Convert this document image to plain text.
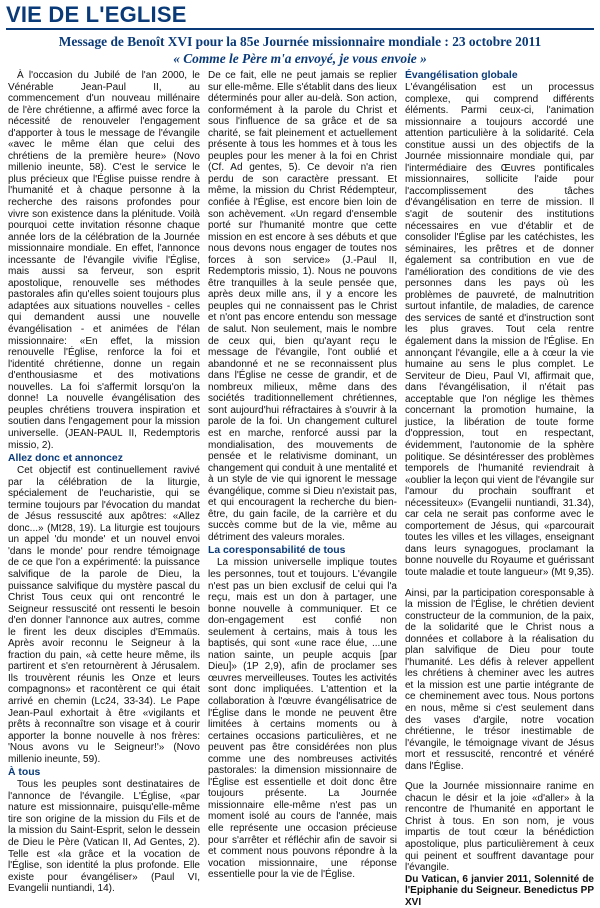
VIE DE L'EGLISE
Message de Benoît XVI pour la 85e Journée missionnaire mondiale : 23 octobre 2011
« Comme le Père m'a envoyé, je vous envoie »

À l'occasion du Jubilé de l'an 2000, le Vénérable Jean-Paul II, au commencement d'un nouveau millénaire de l'ère chrétienne, a affirmé avec force la nécessité de renouveler l'engagement d'apporter à tous le message de l'évangile «avec le même élan que celui des chrétiens de la première heure» (Novo millenio ineunte, 58). C'est le service le plus précieux que l'Église puisse rendre à l'humanité et à chaque personne à la recherche des raisons profondes pour vivre son existence dans la plénitude. Voilà pourquoi cette invitation résonne chaque année lors de la célébration de la Journée missionnaire mondiale. En effet, l'annonce incessante de l'évangile vivifie l'Église, mais aussi sa ferveur, son esprit apostolique, renouvelle ses méthodes pastorales afin qu'elles soient toujours plus adaptées aux situations nouvelles - celles qui demandent aussi une nouvelle évangélisation - et animées de l'élan missionnaire: «En effet, la mission renouvelle l'Église, renforce la foi et l'identité chrétienne, donne un regain d'enthousiasme et des motivations nouvelles. La foi s'affermit lorsqu'on la donne! La nouvelle évangélisation des peuples chrétiens trouvera inspiration et soutien dans l'engagement pour la mission universelle. (JEAN-PAUL II, Redemptoris missio, 2).

Allez donc et annoncez

Cet objectif est continuellement ravivé par la célébration de la liturgie, spécialement de l'eucharistie, qui se termine toujours par l'évocation du mandat de Jésus ressuscité aux apôtres: «Allez donc...» (Mt28, 19). La liturgie est toujours un appel 'du monde' et un nouvel envoi 'dans le monde' pour rendre témoignage de ce que l'on a expérimenté: la puissance salvifique de la parole de Dieu, la puissance salvifique du mystère pascal du Christ Tous ceux qui ont rencontré le Seigneur ressuscité ont ressenti le besoin d'en donner l'annonce aux autres, comme le firent les deux disciples d'Emmaüs. Après avoir reconnu le Seigneur à la fraction du pain, «à cette heure même, ils partirent et s'en retournèrent à Jérusalem. Ils trouvèrent réunis les Onze et leurs compagnons» et racontèrent ce qui était arrivé en chemin (Lc24, 33-34). Le Pape Jean-Paul exhortait à être «vigilants et prêts à reconnaître son visage et à courir apporter la bonne nouvelle à nos frères: 'Nous avons vu le Seigneur!'» (Novo millenio ineunte, 59).

À tous

Tous les peuples sont destinataires de l'annonce de l'évangile. L'Église, «par nature est missionnaire, puisqu'elle-même tire son origine de la mission du Fils et de la mission du Saint-Esprit, selon le dessein de Dieu le Père (Vatican II, Ad Gentes, 2). Telle est «la grâce et la vocation de l'Église, son identité la plus profonde. Elle existe pour évangéliser» (Paul VI, Evangelii nuntiandi, 14).

De ce fait, elle ne peut jamais se replier sur elle-même. Elle s'établit dans des lieux déterminés pour aller au-delà. Son action, conformément à la parole du Christ et sous l'influence de sa grâce et de sa charité, se fait pleinement et actuellement présente à tous les hommes et à tous les peuples pour les mener à la foi en Christ (Cf. Ad gentes, 5). Ce devoir n'a rien perdu de son caractère pressant. Et même, la mission du Christ Rédempteur, confiée à l'Église, est encore bien loin de son achèvement. «Un regard d'ensemble porté sur l'humanité montre que cette mission en est encore à ses débuts et que nous devons nous engager de toutes nos forces à son service» (J.-Paul II, Redemptoris missio, 1). Nous ne pouvons être tranquilles à la seule pensée que, après deux mille ans, il y a encore les peuples qui ne connaissent pas le Christ et n'ont pas encore entendu son message de salut. Non seulement, mais le nombre de ceux qui, bien qu'ayant reçu le message de l'évangile, l'ont oublié et abandonné et ne se reconnaissent plus dans l'Église ne cesse de grandir, et de nombreux milieux, même dans des sociétés traditionnellement chrétiennes, sont aujourd'hui réfractaires à s'ouvrir à la parole de la foi. Un changement culturel est en marche, renforcé aussi par la mondialisation, des mouvements de pensée et le relativisme dominant, un changement qui conduit à une mentalité et à un style de vie qui ignorent le message évangélique, comme si Dieu n'existait pas, et qui encouragent la recherche du bien-être, du gain facile, de la carrière et du succès comme but de la vie, même au détriment des valeurs morales.

La coresponsabilité de tous

La mission universelle implique toutes les personnes, tout et toujours. L'évangile n'est pas un bien exclusif de celui qui l'a reçu, mais est un don à partager, une bonne nouvelle à communiquer. Et ce don-engagement est confié non seulement à certains, mais à tous les baptisés, qui sont «une race élue, ...une nation sainte, un peuple acquis [par Dieu]» (1P 2,9), afin de proclamer ses œuvres merveilleuses. Toutes les activités sont donc impliquées. L'attention et la collaboration à l'œuvre évangélisatrice de l'Église dans le monde ne peuvent être limitées à certains moments ou à certaines occasions particulières, et ne peuvent pas être considérées non plus comme une des nombreuses activités pastorales: la dimension missionnaire de l'Église est essentielle et doit donc être toujours présente. La Journée missionnaire elle-même n'est pas un moment isolé au cours de l'année, mais elle représente une occasion précieuse pour s'arrêter et réfléchir afin de savoir si et comment nous pouvons répondre à la vocation missionnaire, une réponse essentielle pour la vie de l'Église.

Évangélisation globale

L'évangélisation est un processus complexe, qui comprend différents éléments. Parmi ceux-ci, l'animation missionnaire a toujours accordé une attention particulière à la solidarité. Cela constitue aussi un des objectifs de la Journée missionnaire mondiale qui, par l'intermédiaire des Œuvres pontificales missionnaires, sollicite l'aide pour l'accomplissement des tâches d'évangélisation en terre de mission. Il s'agit de soutenir des institutions nécessaires en vue d'établir et de consolider l'Église par les catéchistes, les séminaires, les prêtres et de donner également sa contribution en vue de l'amélioration des conditions de vie des personnes dans les pays où les problèmes de pauvreté, de malnutrition surtout infantile, de maladies, de carence des services de santé et d'instruction sont les plus graves. Tout cela rentre également dans la mission de l'Église. En annonçant l'évangile, elle a à cœur la vie humaine au sens le plus complet. Le Serviteur de Dieu, Paul VI, affirmait que, dans l'évangélisation, il n'était pas acceptable que l'on néglige les thèmes concernant la promotion humaine, la justice, la libération de toute forme d'oppression, tout en respectant, évidemment, l'autonomie de la sphère politique. Se désintéresser des problèmes temporels de l'humanité reviendrait à «oublier la leçon qui vient de l'évangile sur l'amour du prochain souffrant et nécessiteux» (Evangelii nuntiandi, 31.34), car cela ne serait pas conforme avec le comportement de Jésus, qui «parcourait toutes les villes et les villages, enseignant dans leurs synagogues, proclamant la bonne nouvelle du Royaume et guérissant toute maladie et toute langueur» (Mt 9,35).

Ainsi, par la participation coresponsable à la mission de l'Église, le chrétien devient constructeur de la communion, de la paix, de la solidarité que le Christ nous a données et collabore à la réalisation du plan salvifique de Dieu pour toute l'humanité. Les défis à relever appellent les chrétiens à cheminer avec les autres et la mission est une partie intégrante de ce cheminement avec tous. Nous portons en nous, même si c'est seulement dans des vases d'argile, notre vocation chrétienne, le trésor inestimable de l'évangile, le témoignage vivant de Jésus mort et ressuscité, rencontré et vénéré dans l'Église.

Que la Journée missionnaire ranime en chacun le désir et la joie «d'aller» à la rencontre de l'humanité en apportant le Christ à tous. En son nom, je vous impartis de tout cœur la bénédiction apostolique, plus particulièrement à ceux qui peinent et souffrent davantage pour l'évangile.

Du Vatican, 6 janvier 2011, Solennité de l'Epiphanie du Seigneur. Benedictus PP XVI
